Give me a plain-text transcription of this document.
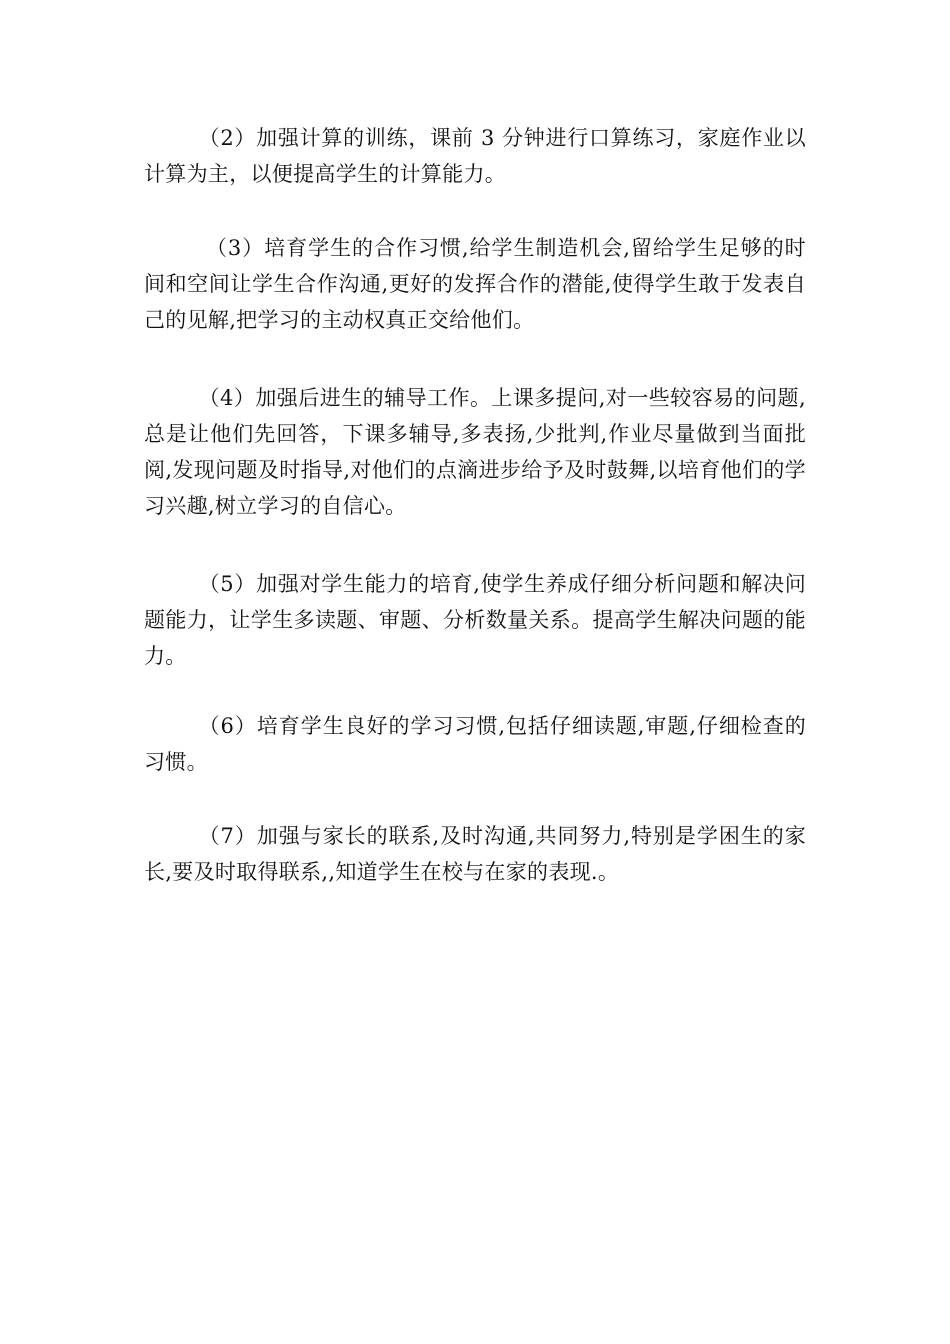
（2）加强计算的训练，课前 3 分钟进行口算练习，家庭作业以计算为主，以便提高学生的计算能力。

（3）培育学生的合作习惯,给学生制造机会,留给学生足够的时间和空间让学生合作沟通,更好的发挥合作的潜能,使得学生敢于发表自己的见解,把学习的主动权真正交给他们。

（4）加强后进生的辅导工作。上课多提问,对一些较容易的问题,总是让他们先回答，下课多辅导,多表扬,少批判,作业尽量做到当面批阅,发现问题及时指导,对他们的点滴进步给予及时鼓舞,以培育他们的学习兴趣,树立学习的自信心。

（5）加强对学生能力的培育,使学生养成仔细分析问题和解决问题能力，让学生多读题、审题、分析数量关系。提高学生解决问题的能力。

（6）培育学生良好的学习习惯,包括仔细读题,审题,仔细检查的习惯。

（7）加强与家长的联系,及时沟通,共同努力,特别是学困生的家长,要及时取得联系,,知道学生在校与在家的表现.。
